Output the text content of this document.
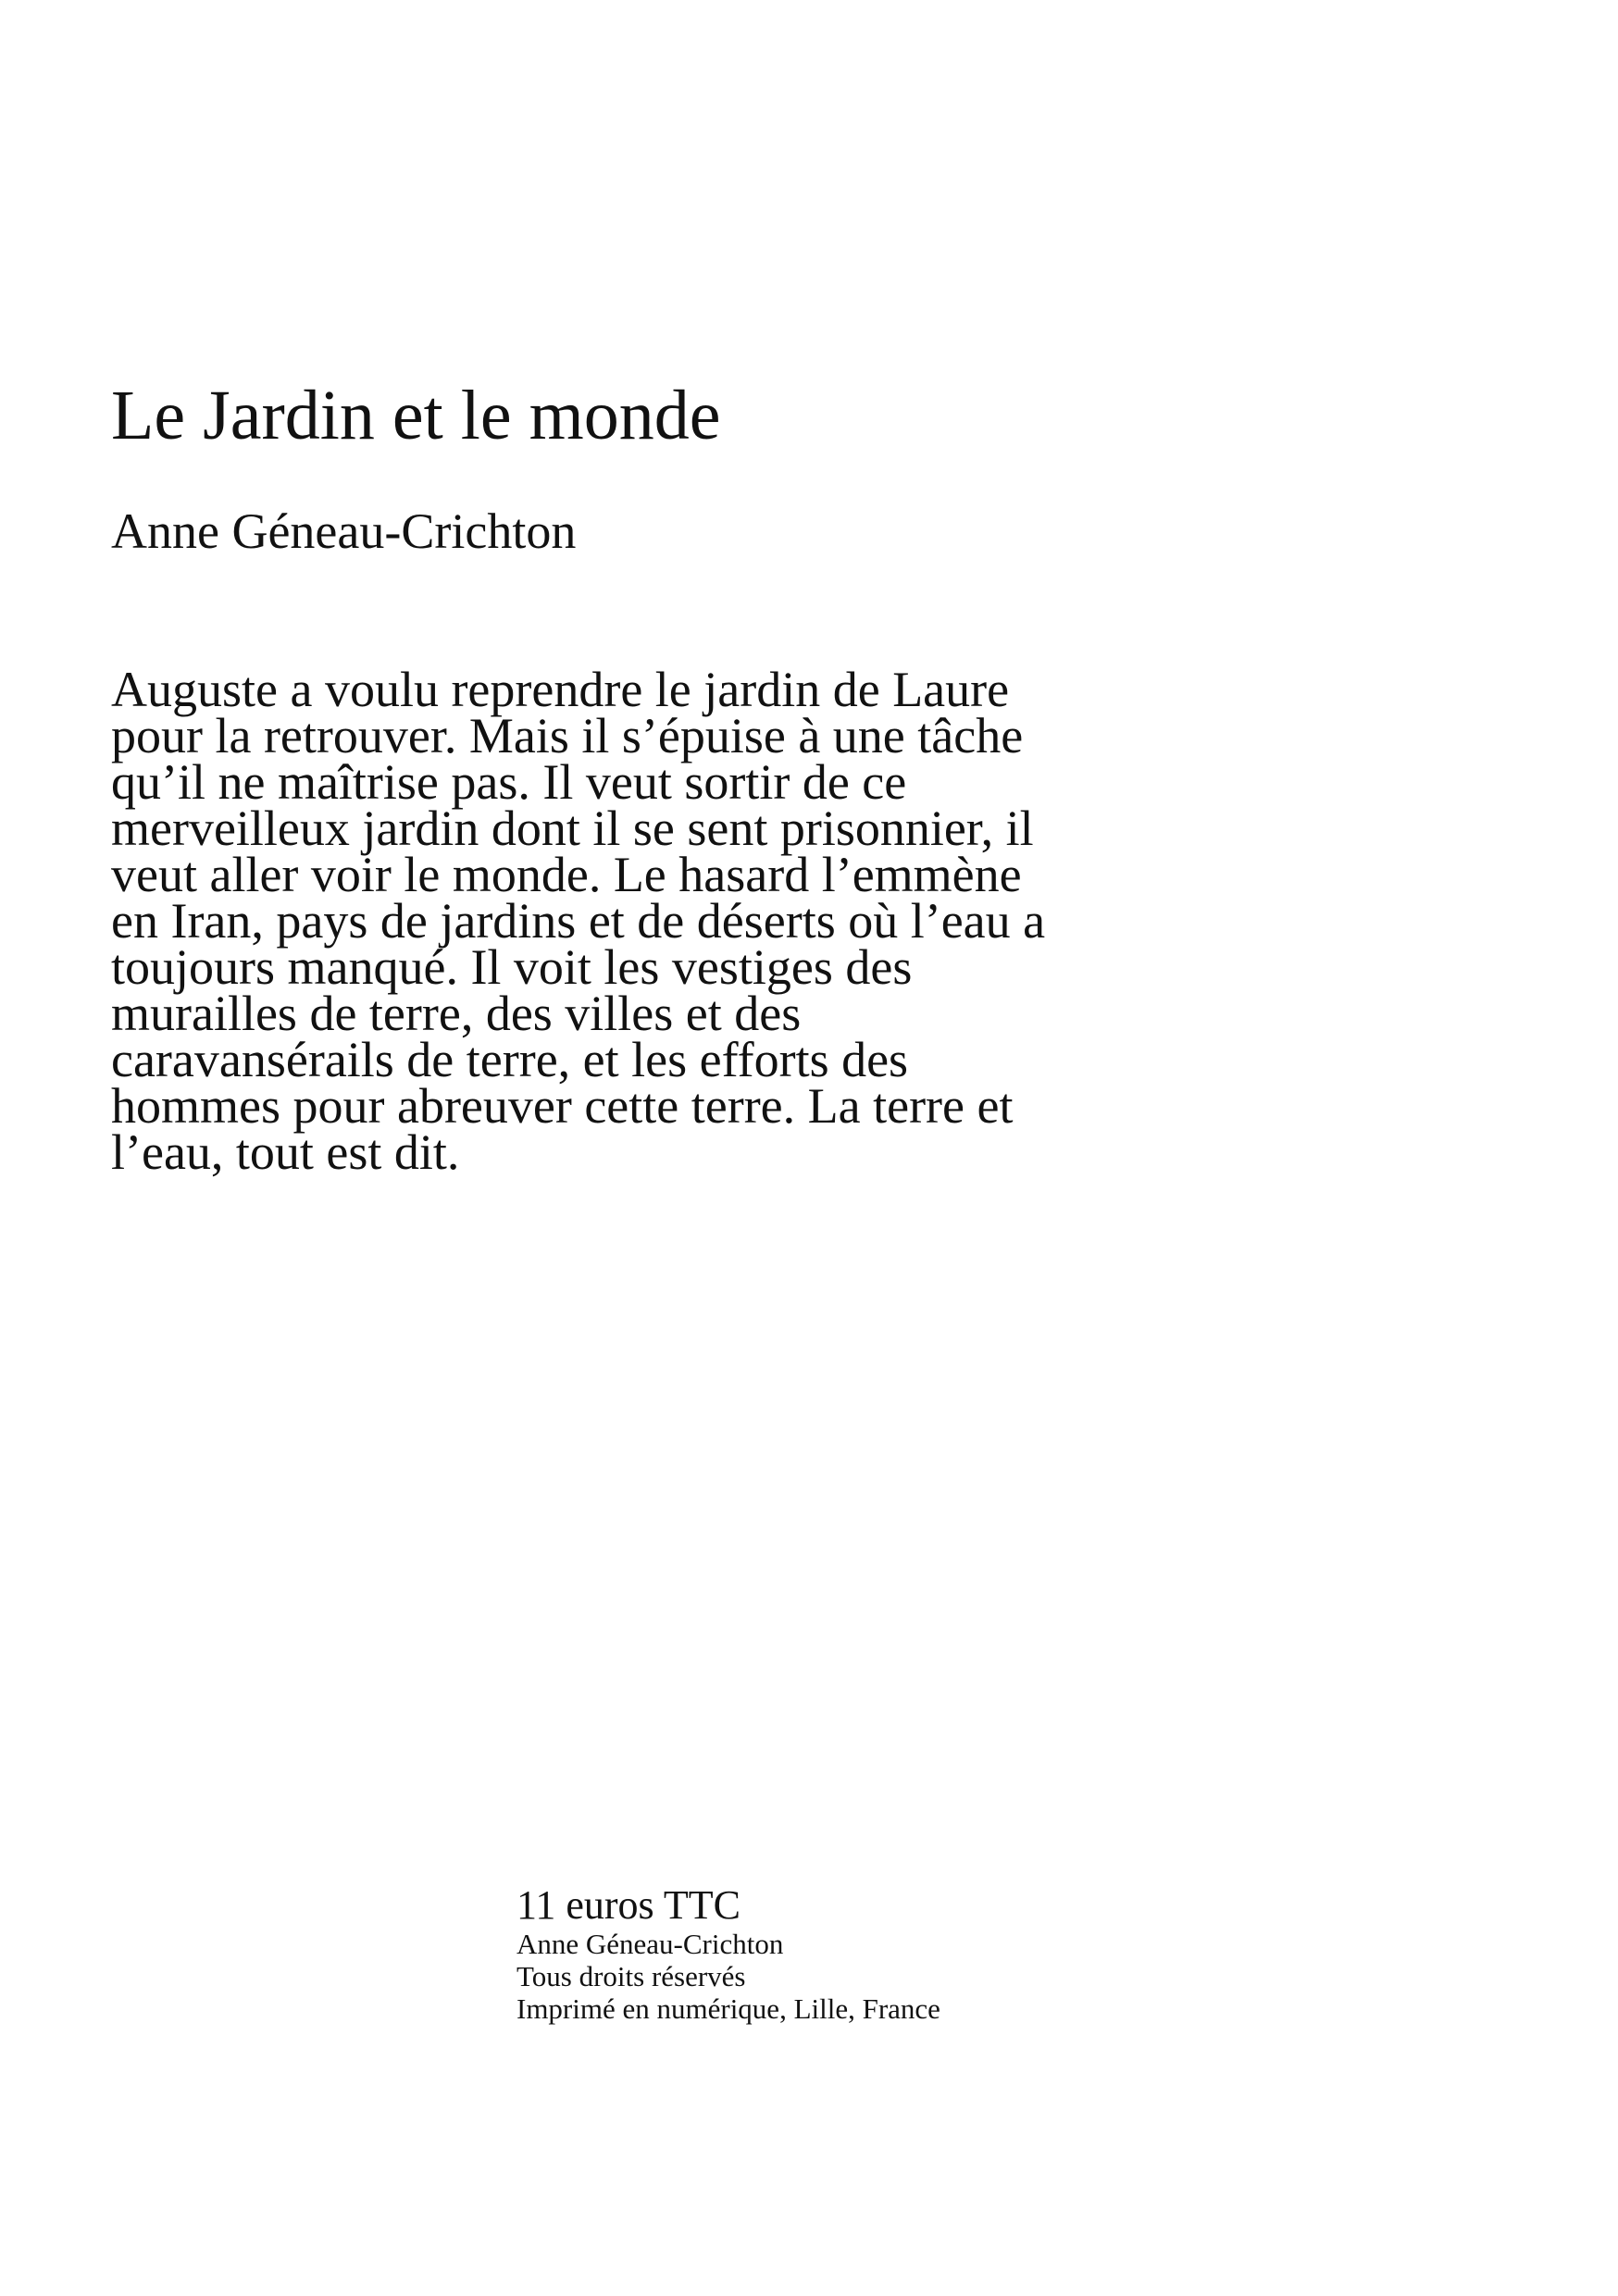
Le Jardin et le monde

Anne Géneau-Crichton

Auguste a voulu reprendre le jardin de Laure
pour la retrouver. Mais il s’épuise à une tâche
qu’il ne maîtrise pas. Il veut sortir de ce
merveilleux jardin dont il se sent prisonnier, il
veut aller voir le monde. Le hasard l’emmène
en Iran, pays de jardins et de déserts où l’eau a
toujours manqué. Il voit les vestiges des
murailles de terre, des villes et des
caravansérails de terre, et les efforts des
hommes pour abreuver cette terre. La terre et
l’eau, tout est dit.

11 euros TTC
Anne Géneau-Crichton
Tous droits réservés
Imprimé en numérique, Lille, France
